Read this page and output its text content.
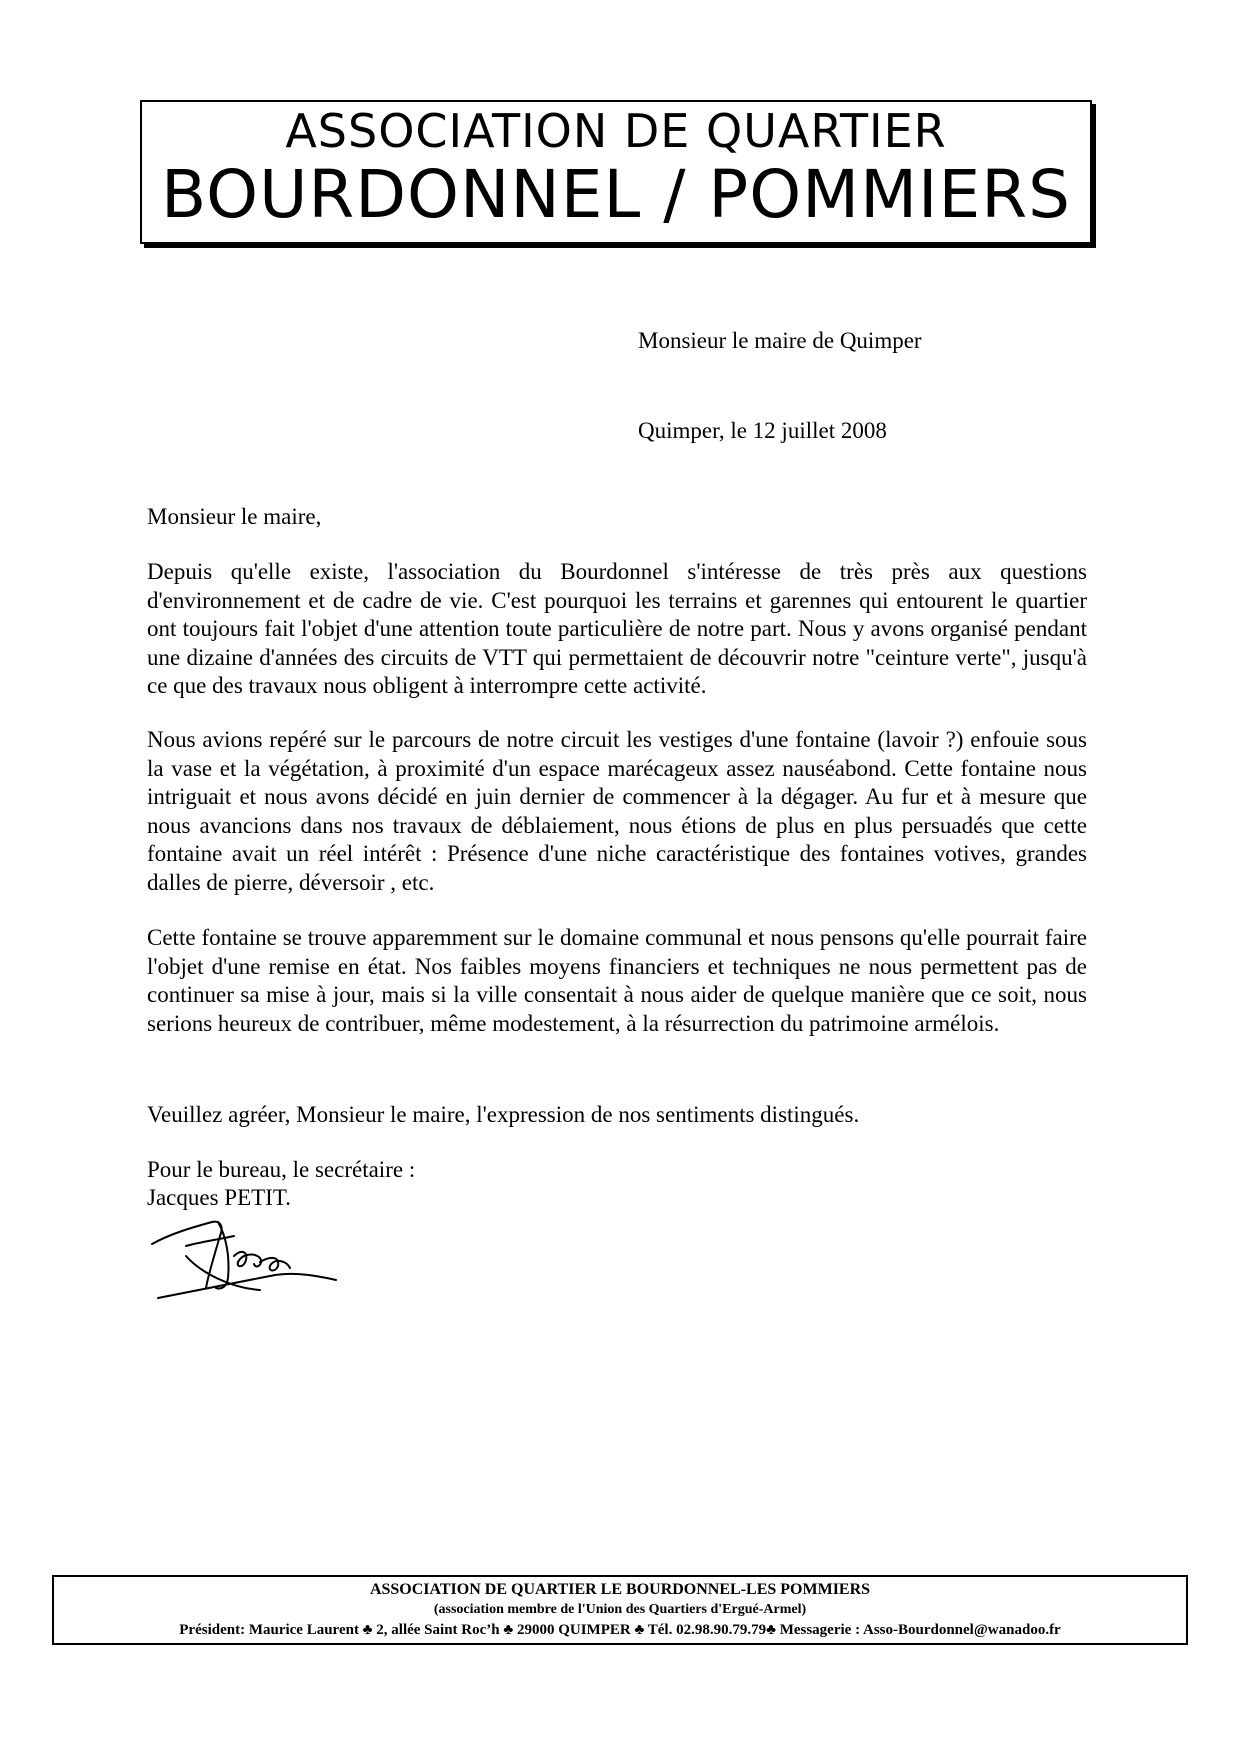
ASSOCIATION DE QUARTIER
BOURDONNEL / POMMIERS
Monsieur le maire de Quimper
Quimper, le 12 juillet 2008
Monsieur le maire,

Depuis qu'elle existe, l'association du Bourdonnel s'intéresse de très près aux questions d'environnement et de cadre de vie. C'est pourquoi les terrains et garennes qui entourent le quartier ont toujours fait l'objet d'une attention toute particulière de notre part. Nous y avons organisé pendant une dizaine d'années des circuits de VTT qui permettaient de découvrir notre "ceinture verte", jusqu'à ce que des travaux nous obligent à interrompre cette activité.

Nous avions repéré sur le parcours de notre circuit les vestiges d'une fontaine (lavoir ?) enfouie sous la vase et la végétation, à proximité d'un espace marécageux assez nauséabond. Cette fontaine nous intriguait et nous avons décidé en juin dernier de commencer à la dégager. Au fur et à mesure que nous avancions dans nos travaux de déblaiement, nous étions de plus en plus persuadés que cette fontaine avait un réel intérêt : Présence d'une niche caractéristique des fontaines votives, grandes dalles de pierre, déversoir , etc.

Cette fontaine se trouve apparemment sur le domaine communal et nous pensons qu'elle pourrait faire l'objet d'une remise en état. Nos faibles moyens financiers et techniques ne nous permettent pas de continuer sa mise à jour, mais si la ville consentait à nous aider de quelque manière que ce soit, nous serions heureux de contribuer, même modestement, à la résurrection du patrimoine armélois.

Veuillez agréer, Monsieur le maire, l'expression de nos sentiments distingués.
Pour le bureau, le secrétaire :
Jacques PETIT.
ASSOCIATION DE QUARTIER LE BOURDONNEL-LES POMMIERS
(association membre de l'Union des Quartiers d'Ergué-Armel)
Président: Maurice Laurent ♣ 2, allée Saint Roc’h ♣ 29000 QUIMPER ♣ Tél. 02.98.90.79.79♣ Messagerie : Asso-Bourdonnel@wanadoo.fr
